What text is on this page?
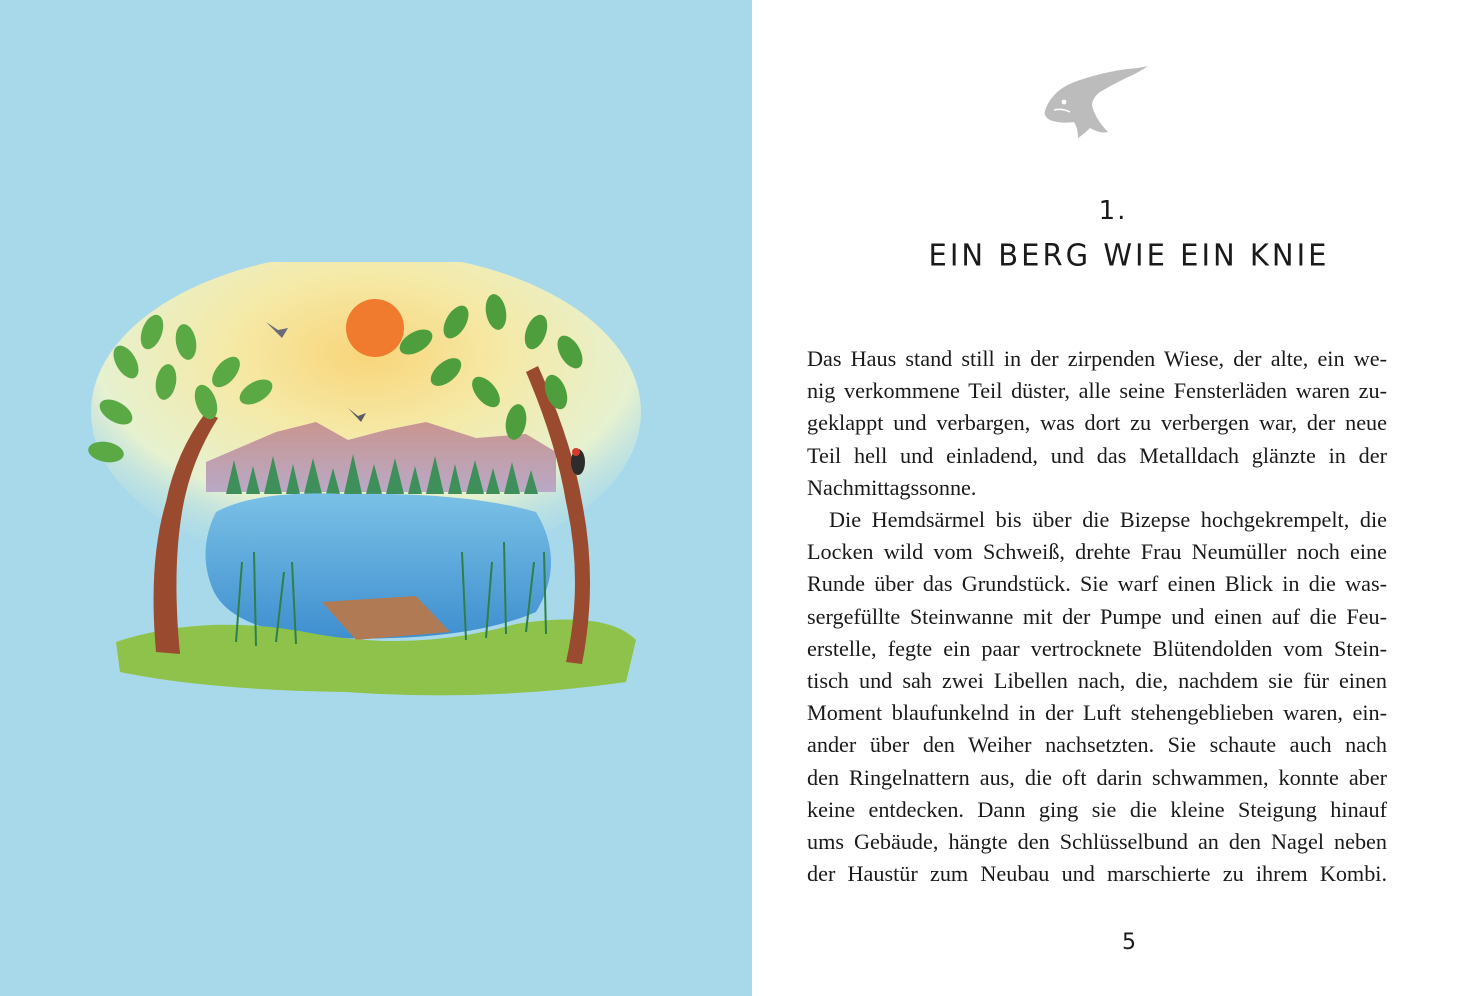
1.
EIN BERG WIE EIN KNIE
Das Haus stand still in der zirpenden Wiese, der alte, ein we-
nig verkommene Teil düster, alle seine Fensterläden waren zu-
geklappt und verbargen, was dort zu verbergen war, der neue
Teil hell und einladend, und das Metalldach glänzte in der
Nachmittagssonne.
Die Hemdsärmel bis über die Bizepse hochgekrempelt, die
Locken wild vom Schweiß, drehte Frau Neumüller noch eine
Runde über das Grundstück. Sie warf einen Blick in die was-
sergefüllte Steinwanne mit der Pumpe und einen auf die Feu-
erstelle, fegte ein paar vertrocknete Blütendolden vom Stein-
tisch und sah zwei Libellen nach, die, nachdem sie für einen
Moment blaufunkelnd in der Luft stehengeblieben waren, ein-
ander über den Weiher nachsetzten. Sie schaute auch nach
den Ringelnattern aus, die oft darin schwammen, konnte aber
keine entdecken. Dann ging sie die kleine Steigung hinauf
ums Gebäude, hängte den Schlüsselbund an den Nagel neben
der Haustür zum Neubau und marschierte zu ihrem Kombi.
5
